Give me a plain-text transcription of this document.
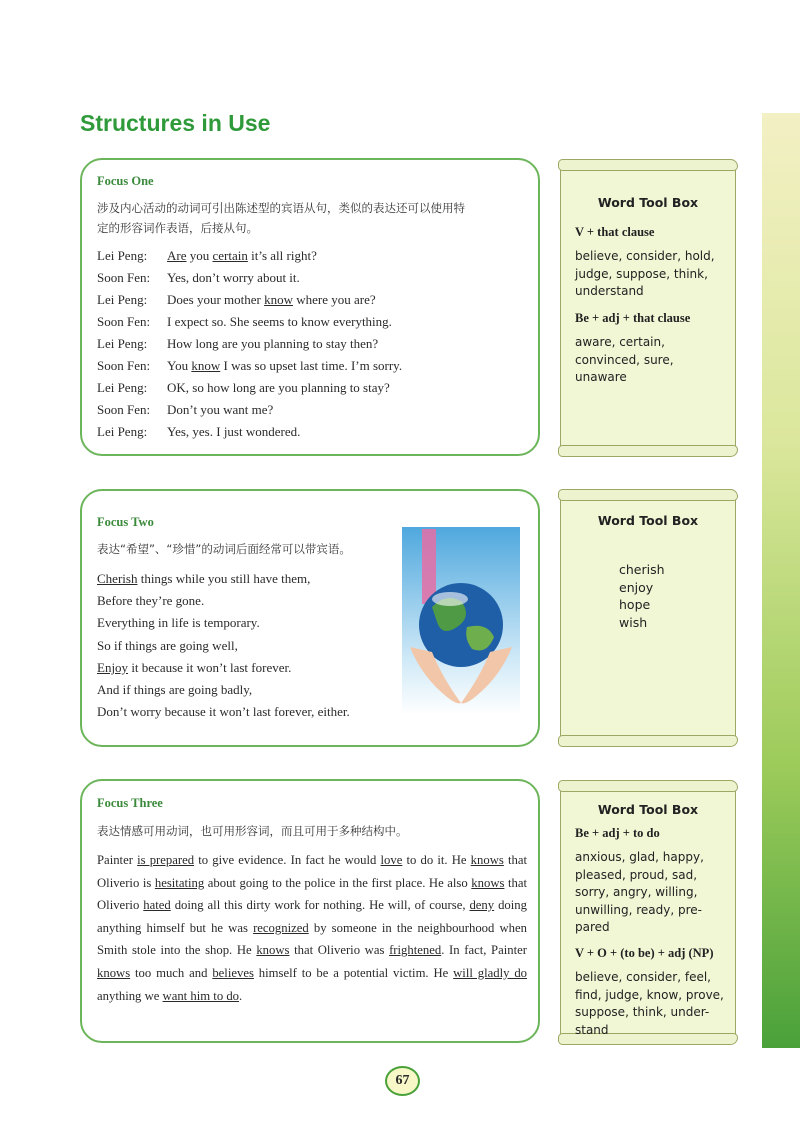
Structures in Use
Focus One
涉及内心活动的动词可引出陈述型的宾语从句，类似的表达还可以使用特
定的形容词作表语，后接从句。
Lei Peng: Are you certain it’s all right?
Soon Fen: Yes, don’t worry about it.
Lei Peng: Does your mother know where you are?
Soon Fen: I expect so. She seems to know everything.
Lei Peng: How long are you planning to stay then?
Soon Fen: You know I was so upset last time. I’m sorry.
Lei Peng: OK, so how long are you planning to stay?
Soon Fen: Don’t you want me?
Lei Peng: Yes, yes. I just wondered.
Focus Two
表达“希望”、“珍惜”的动词后面经常可以带宾语。
Cherish things while you still have them,
Before they’re gone.
Everything in life is temporary.
So if things are going well,
Enjoy it because it won’t last forever.
And if things are going badly,
Don’t worry because it won’t last forever, either.
Focus Three
表达情感可用动词，也可用形容词，而且可用于多种结构中。
Painter is prepared to give evidence. In fact he would love to do it. He knows that Oliverio is hesitating about going to the police in the first place. He also knows that Oliverio hated doing all this dirty work for nothing. He will, of course, deny doing anything himself but he was recognized by someone in the neighbourhood when Smith stole into the shop. He knows that Oliverio was frightened. In fact, Painter knows too much and believes himself to be a potential victim. He will gladly do anything we want him to do.
Word Tool Box
V + that clause
believe, consider, hold, judge, suppose, think, understand
Be + adj + that clause
aware, certain, convinced, sure, unaware
Word Tool Box
cherish
enjoy
hope
wish
Word Tool Box
Be + adj + to do
anxious, glad, happy, pleased, proud, sad, sorry, angry, willing, unwilling, ready, pre-pared
V + O + (to be) + adj (NP)
believe, consider, feel, find, judge, know, prove, suppose, think, under-stand
67
